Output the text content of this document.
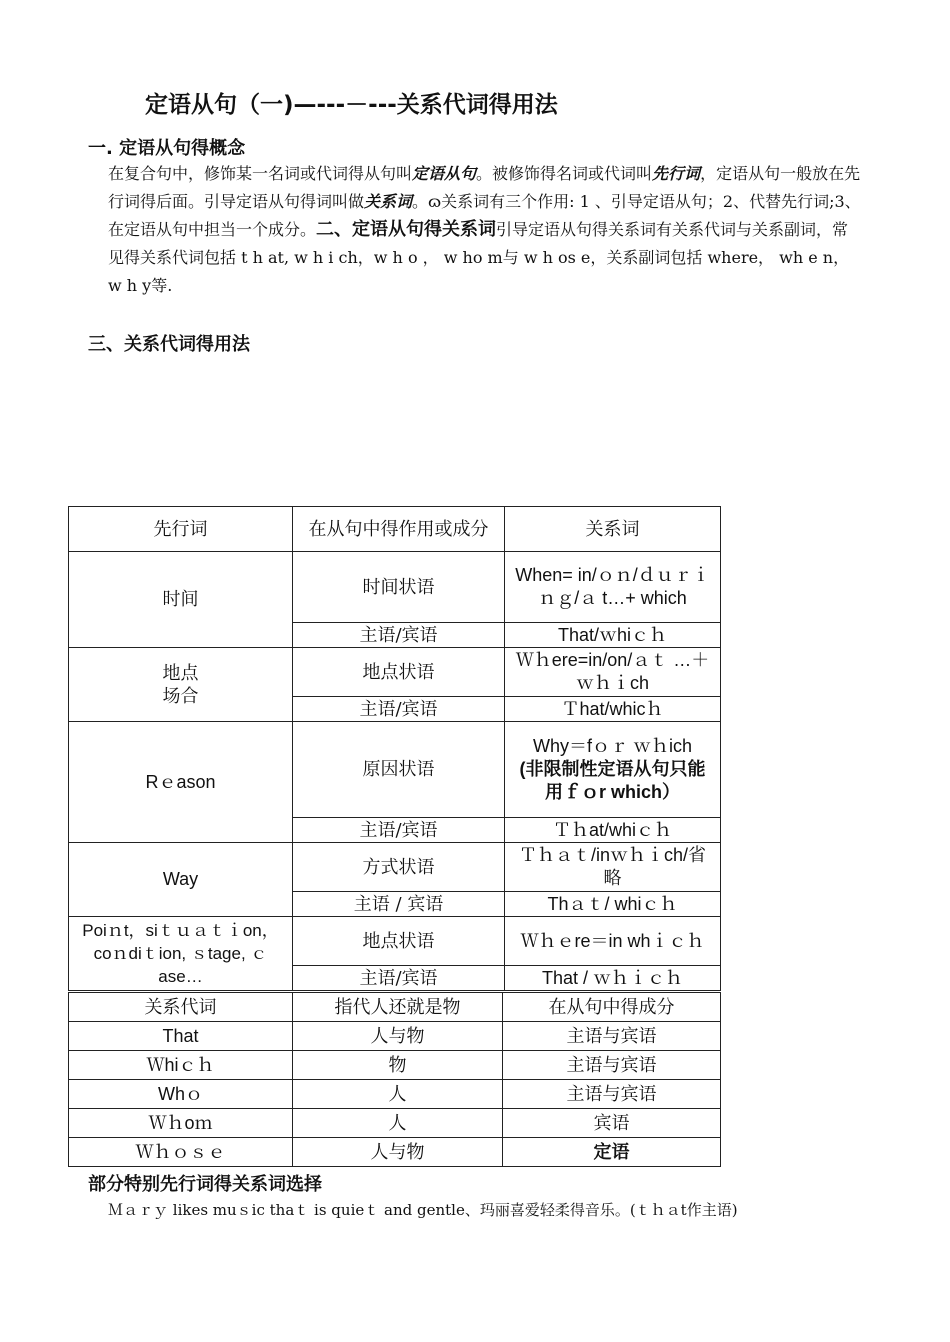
定语从句（一)—---－---关系代词得用法
一. 定语从句得概念
在复合句中，修饰某一名词或代词得从句叫定语从句。被修饰得名词或代词叫先行词，定语从句一般放在先行词得后面。引导定语从句得词叫做关系词。ɷ关系词有三个作用: 1 、引导定语从句；2、代替先行词;3、在定语从句中担当一个成分。二、定语从句得关系词引导定语从句得关系词有关系代词与关系副词，常见得关系代词包括 t h at, w h i ch，w h o ， w ho m与 w h os e，关系副词包括 where， wh e n， w h y等.
三、关系代词得用法
先行词	在从句中得作用或成分	关系词
时间	时间状语	When= in/ｏｎ/ｄｕｒｉｎｇ/ａ t…+ which
	主语/宾语	That/ｗhiｃｈ
地点
场合	地点状语	Ｗｈere=in/on/ａｔ …＋ｗｈｉch
	主语/宾语	Ｔhat/whicｈ
Rｅason	原因状语	Why＝fｏｒ ｗｈich
(非限制性定语从句只能用ｆｏr which）

	主语/宾语	Ｔｈat/whiｃｈ
Way	方式状语	Ｔｈａｔ/inｗｈｉch/省略
	主语 / 宾语	Thａｔ/ whiｃｈ
Poiｎt，siｔｕａｔｉon， coｎdiｔion, ｓtage, ｃase…	地点状语	Ｗｈｅre＝in whｉｃｈ
	主语/宾语	That / ｗｈｉｃｈ
关系代词	指代人还就是物	在从句中得成分
That	人与物	主语与宾语
Ｗhiｃｈ	物	主语与宾语
Whｏ	人	主语与宾语
Ｗｈoｍ	人	宾语
Ｗｈｏｓｅ	人与物	定语
部分特别先行词得关系词选择
Ｍａｒｙ likes muｓic thaｔ is quieｔ and gentle、玛丽喜爱轻柔得音乐。(ｔｈａt作主语)
